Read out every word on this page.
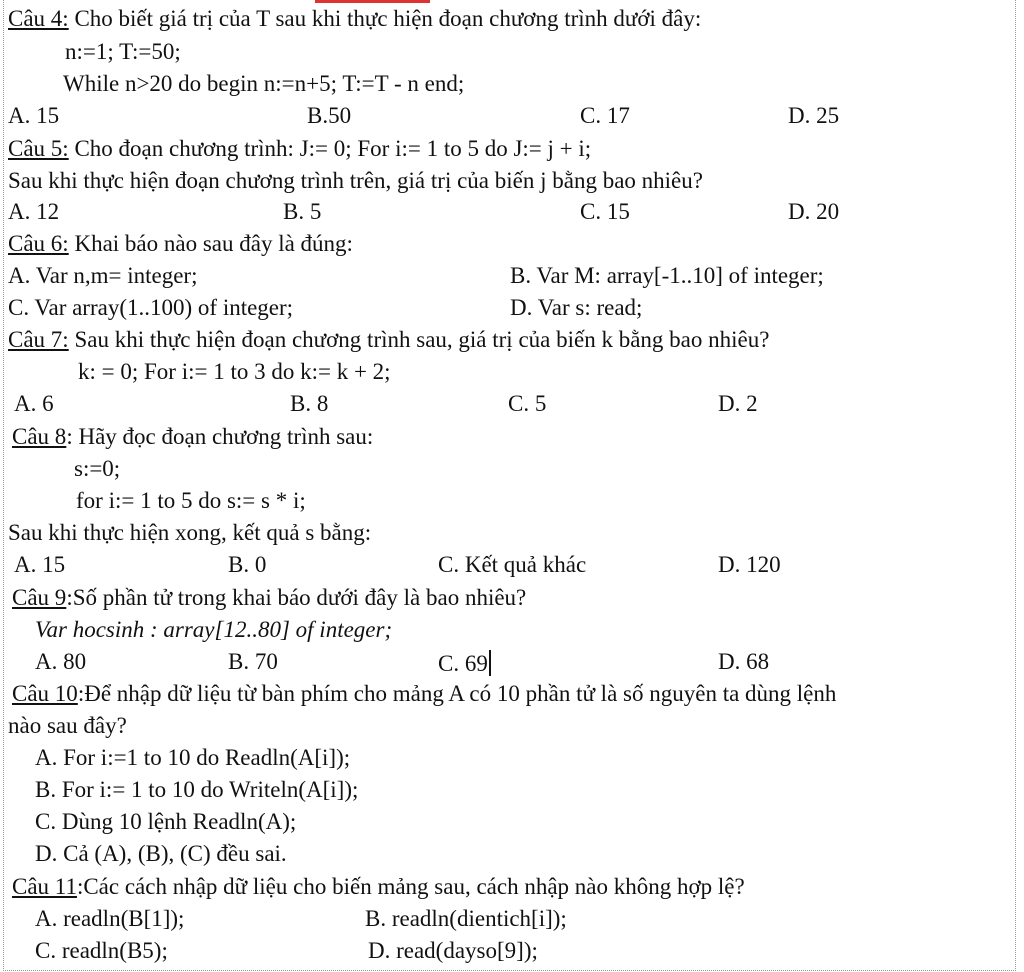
Câu 4: Cho biết giá trị của T sau khi thực hiện đoạn chương trình dưới đây:
n:=1; T:=50;
While n>20 do begin n:=n+5; T:=T - n end;
A. 15	B.50	C. 17	D. 25
Câu 5: Cho đoạn chương trình: J:= 0; For i:= 1 to 5 do J:= j + i;
Sau khi thực hiện đoạn chương trình trên, giá trị của biến j bằng bao nhiêu?
A. 12	B. 5	C. 15	D. 20
Câu 6: Khai báo nào sau đây là đúng:
A. Var n,m= integer;	B. Var M: array[-1..10] of integer;
C. Var array(1..100) of integer;	D. Var s: read;
Câu 7: Sau khi thực hiện đoạn chương trình sau, giá trị của biến k bằng bao nhiêu?
k: = 0; For i:= 1 to 3 do k:= k + 2;
A. 6	B. 8	C. 5	D. 2
Câu 8: Hãy đọc đoạn chương trình sau:
s:=0;
for i:= 1 to 5 do s:= s * i;
Sau khi thực hiện xong, kết quả s bằng:
A. 15	B. 0	C. Kết quả khác	D. 120
Câu 9:Số phần tử trong khai báo dưới đây là bao nhiêu?
Var hocsinh : array[12..80] of integer;
A. 80	B. 70	C. 69	D. 68
Câu 10:Để nhập dữ liệu từ bàn phím cho mảng A có 10 phần tử là số nguyên ta dùng lệnh
nào sau đây?
A. For i:=1 to 10 do Readln(A[i]);
B. For i:= 1 to 10 do Writeln(A[i]);
C. Dùng 10 lệnh Readln(A);
D. Cả (A), (B), (C) đều sai.
Câu 11:Các cách nhập dữ liệu cho biến mảng sau, cách nhập nào không hợp lệ?
A. readln(B[1]);	B. readln(dientich[i]);
C. readln(B5);	D. read(dayso[9]);
